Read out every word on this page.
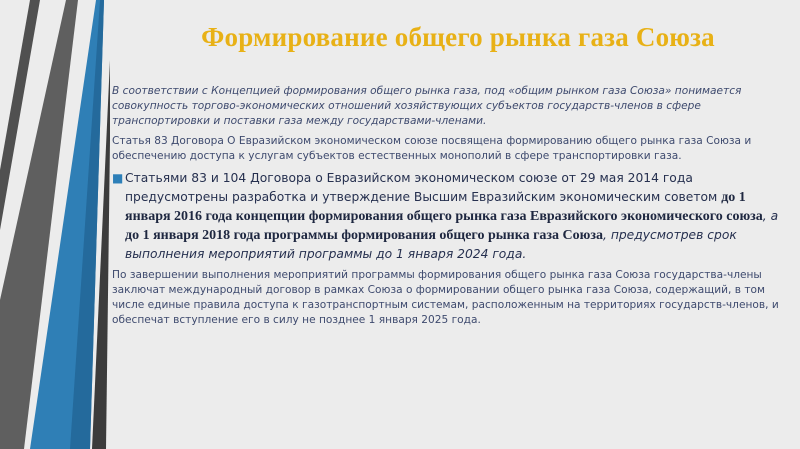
Формирование общего рынка газа Союза

В соответствии с Концепцией формирования общего рынка газа, под «общим рынком газа Союза» понимается совокупность торгово-экономических отношений хозяйствующих субъектов государств-членов в сфере транспортировки и поставки газа между государствами-членами.

Статья 83 Договора О Евразийском экономическом союзе посвящена формированию общего рынка газа Союза и обеспечению доступа к услугам субъектов естественных монополий в сфере транспортировки газа.

■ Статьями 83 и 104 Договора о Евразийском экономическом союзе от 29 мая 2014 года предусмотрены разработка и утверждение Высшим Евразийским экономическим советом до 1 января 2016 года концепции формирования общего рынка газа Евразийского экономического союза, а до 1 января 2018 года программы формирования общего рынка газа Союза, предусмотрев срок выполнения мероприятий программы до 1 января 2024 года.

По завершении выполнения мероприятий программы формирования общего рынка газа Союза государства-члены заключат международный договор в рамках Союза о формировании общего рынка газа Союза, содержащий, в том числе единые правила доступа к газотранспортным системам, расположенным на территориях государств-членов, и обеспечат вступление его в силу не позднее 1 января 2025 года.
